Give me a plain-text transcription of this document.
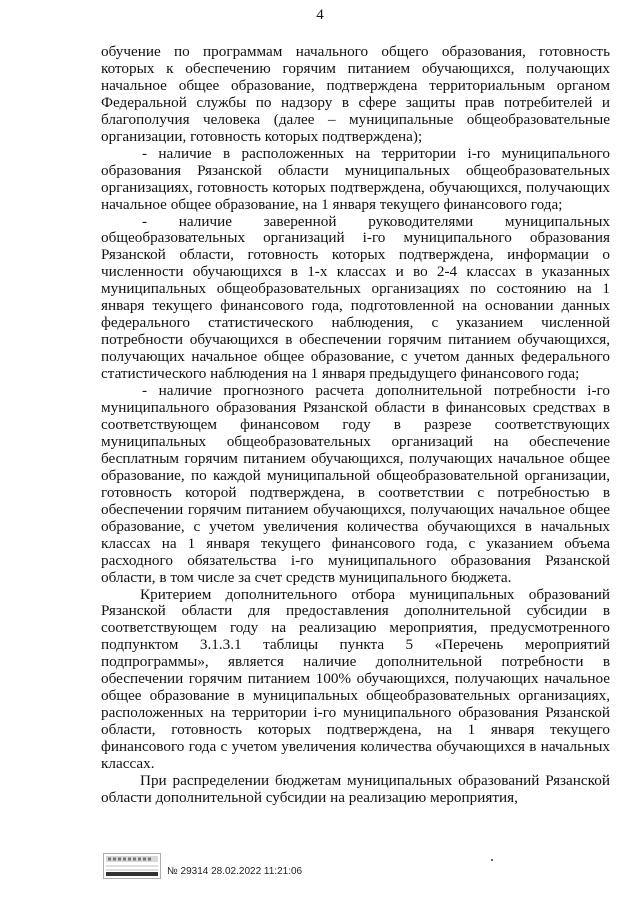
4

обучение по программам начального общего образования, готовность которых к обеспечению горячим питанием обучающихся, получающих начальное общее образование, подтверждена территориальным органом Федеральной службы по надзору в сфере защиты прав потребителей и благополучия человека (далее – муниципальные общеобразовательные организации, готовность которых подтверждена);

- наличие в расположенных на территории i-го муниципального образования Рязанской области муниципальных общеобразовательных организациях, готовность которых подтверждена, обучающихся, получающих начальное общее образование, на 1 января текущего финансового года;

- наличие заверенной руководителями муниципальных общеобразовательных организаций i-го муниципального образования Рязанской области, готовность которых подтверждена, информации о численности обучающихся в 1-х классах и во 2-4 классах в указанных муниципальных общеобразовательных организациях по состоянию на 1 января текущего финансового года, подготовленной на основании данных федерального статистического наблюдения, с указанием численной потребности обучающихся в обеспечении горячим питанием обучающихся, получающих начальное общее образование, с учетом данных федерального статистического наблюдения на 1 января предыдущего финансового года;

- наличие прогнозного расчета дополнительной потребности i-го муниципального образования Рязанской области в финансовых средствах в соответствующем финансовом году в разрезе соответствующих муниципальных общеобразовательных организаций на обеспечение бесплатным горячим питанием обучающихся, получающих начальное общее образование, по каждой муниципальной общеобразовательной организации, готовность которой подтверждена, в соответствии с потребностью в обеспечении горячим питанием обучающихся, получающих начальное общее образование, с учетом увеличения количества обучающихся в начальных классах на 1 января текущего финансового года, с указанием объема расходного обязательства i-го муниципального образования Рязанской области, в том числе за счет средств муниципального бюджета.

Критерием дополнительного отбора муниципальных образований Рязанской области для предоставления дополнительной субсидии в соответствующем году на реализацию мероприятия, предусмотренного подпунктом 3.1.3.1 таблицы пункта 5 «Перечень мероприятий подпрограммы», является наличие дополнительной потребности в обеспечении горячим питанием 100% обучающихся, получающих начальное общее образование в муниципальных общеобразовательных организациях, расположенных на территории i-го муниципального образования Рязанской области, готовность которых подтверждена, на 1 января текущего финансового года с учетом увеличения количества обучающихся в начальных классах.

При распределении бюджетам муниципальных образований Рязанской области дополнительной субсидии на реализацию мероприятия,

№ 29314 28.02.2022 11:21:06
